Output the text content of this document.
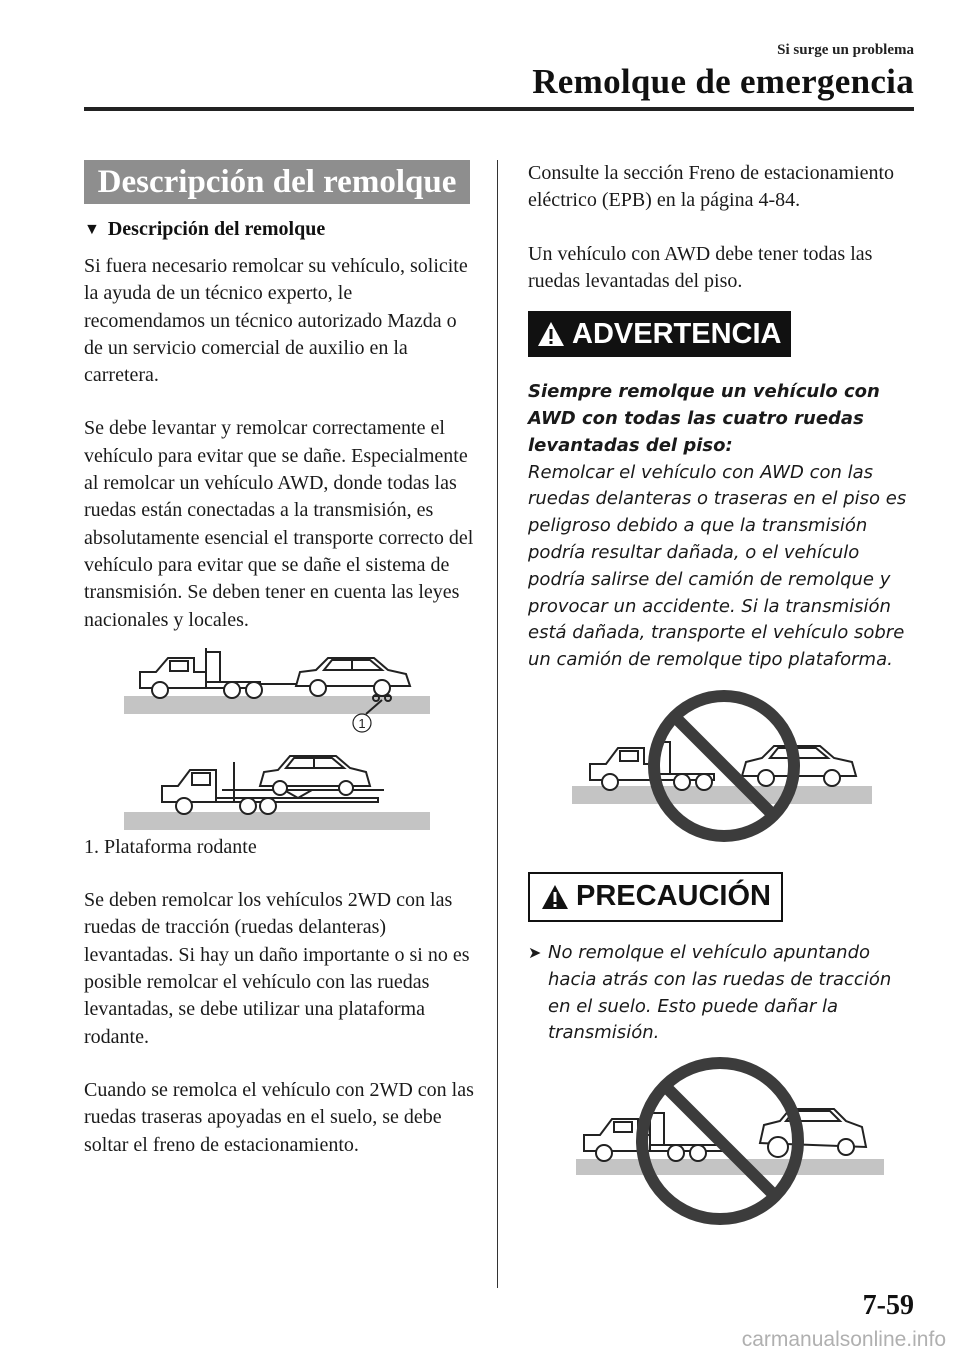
Si surge un problema
Remolque de emergencia
Descripción del remolque
▼ Descripción del remolque

Si fuera necesario remolcar su vehículo, solicite la ayuda de un técnico experto, le recomendamos un técnico autorizado Mazda o de un servicio comercial de auxilio en la carretera.

Se debe levantar y remolcar correctamente el vehículo para evitar que se dañe. Especialmente al remolcar un vehículo AWD, donde todas las ruedas están conectadas a la transmisión, es absolutamente esencial el transporte correcto del vehículo para evitar que se dañe el sistema de transmisión. Se deben tener en cuenta las leyes nacionales y locales.

1

1. Plataforma rodante

Se deben remolcar los vehículos 2WD con las ruedas de tracción (ruedas delanteras) levantadas. Si hay un daño importante o si no es posible remolcar el vehículo con las ruedas levantadas, se debe utilizar una plataforma rodante.

Cuando se remolca el vehículo con 2WD con las ruedas traseras apoyadas en el suelo, se debe soltar el freno de estacionamiento.

Consulte la sección Freno de estacionamiento eléctrico (EPB) en la página 4-84.

Un vehículo con AWD debe tener todas las ruedas levantadas del piso.

ADVERTENCIA

Siempre remolque un vehículo con AWD con todas las cuatro ruedas levantadas del piso:

Remolcar el vehículo con AWD con las ruedas delanteras o traseras en el piso es peligroso debido a que la transmisión podría resultar dañada, o el vehículo podría salirse del camión de remolque y provocar un accidente. Si la transmisión está dañada, transporte el vehículo sobre un camión de remolque tipo plataforma.

PRECAUCIÓN
➤ No remolque el vehículo apuntando hacia atrás con las ruedas de tracción en el suelo. Esto puede dañar la transmisión.
7-59
carmanualsonline.info
